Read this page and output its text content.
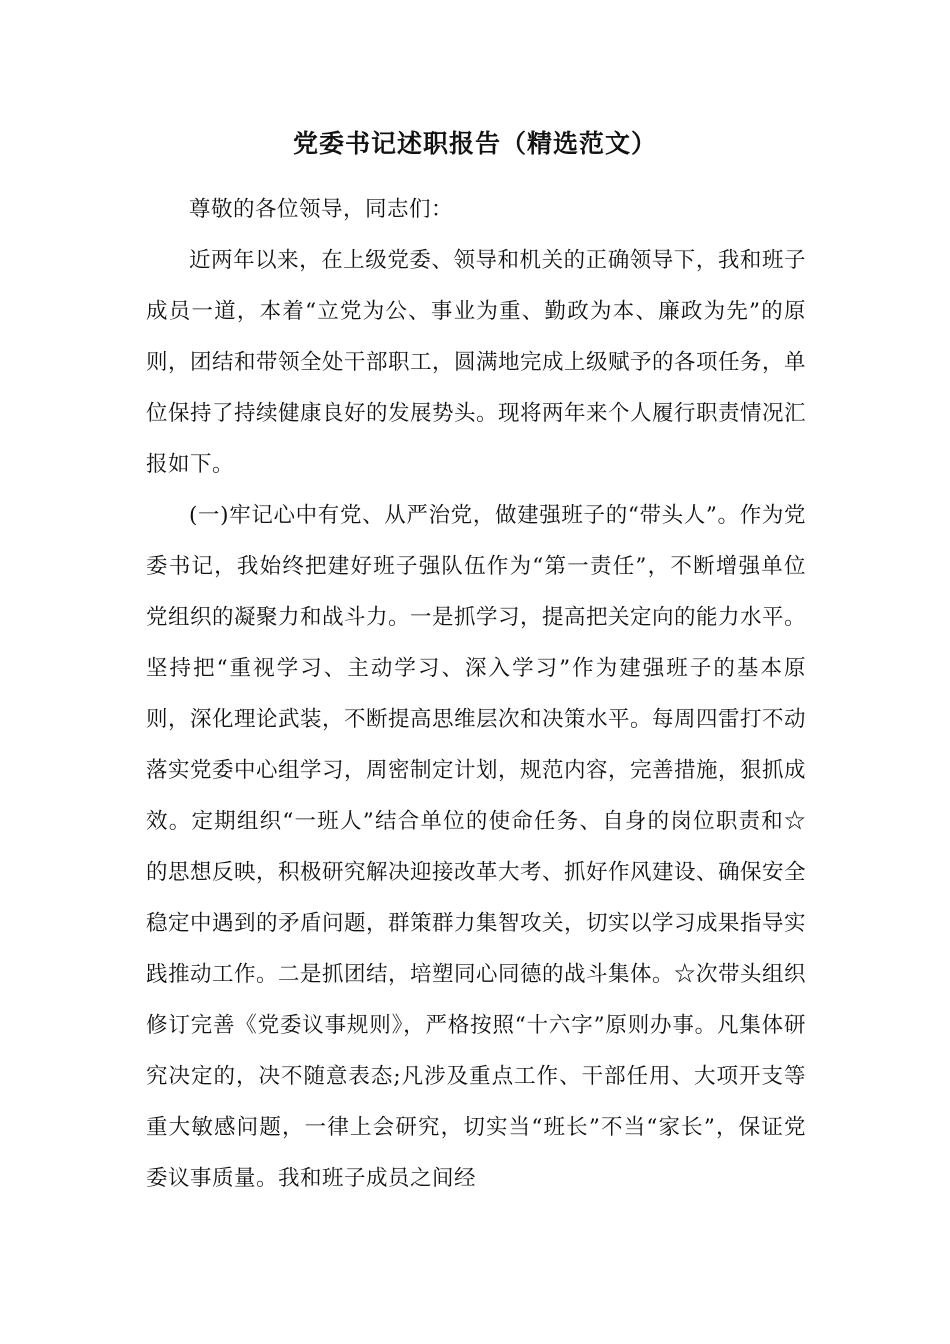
党委书记述职报告（精选范文）

尊敬的各位领导，同志们：

近两年以来，在上级党委、领导和机关的正确领导下，我和班子成员一道，本着“立党为公、事业为重、勤政为本、廉政为先”的原则，团结和带领全处干部职工，圆满地完成上级赋予的各项任务，单位保持了持续健康良好的发展势头。现将两年来个人履行职责情况汇报如下。

(一)牢记心中有党、从严治党，做建强班子的“带头人”。作为党委书记，我始终把建好班子强队伍作为“第一责任”，不断增强单位党组织的凝聚力和战斗力。一是抓学习，提高把关定向的能力水平。坚持把“重视学习、主动学习、深入学习”作为建强班子的基本原则，深化理论武装，不断提高思维层次和决策水平。每周四雷打不动落实党委中心组学习，周密制定计划，规范内容，完善措施，狠抓成效。定期组织“一班人”结合单位的使命任务、自身的岗位职责和☆的思想反映，积极研究解决迎接改革大考、抓好作风建设、确保安全稳定中遇到的矛盾问题，群策群力集智攻关，切实以学习成果指导实践推动工作。二是抓团结，培塑同心同德的战斗集体。☆次带头组织修订完善《党委议事规则》，严格按照“十六字”原则办事。凡集体研究决定的，决不随意表态;凡涉及重点工作、干部任用、大项开支等重大敏感问题，一律上会研究，切实当“班长”不当“家长”，保证党委议事质量。我和班子成员之间经
